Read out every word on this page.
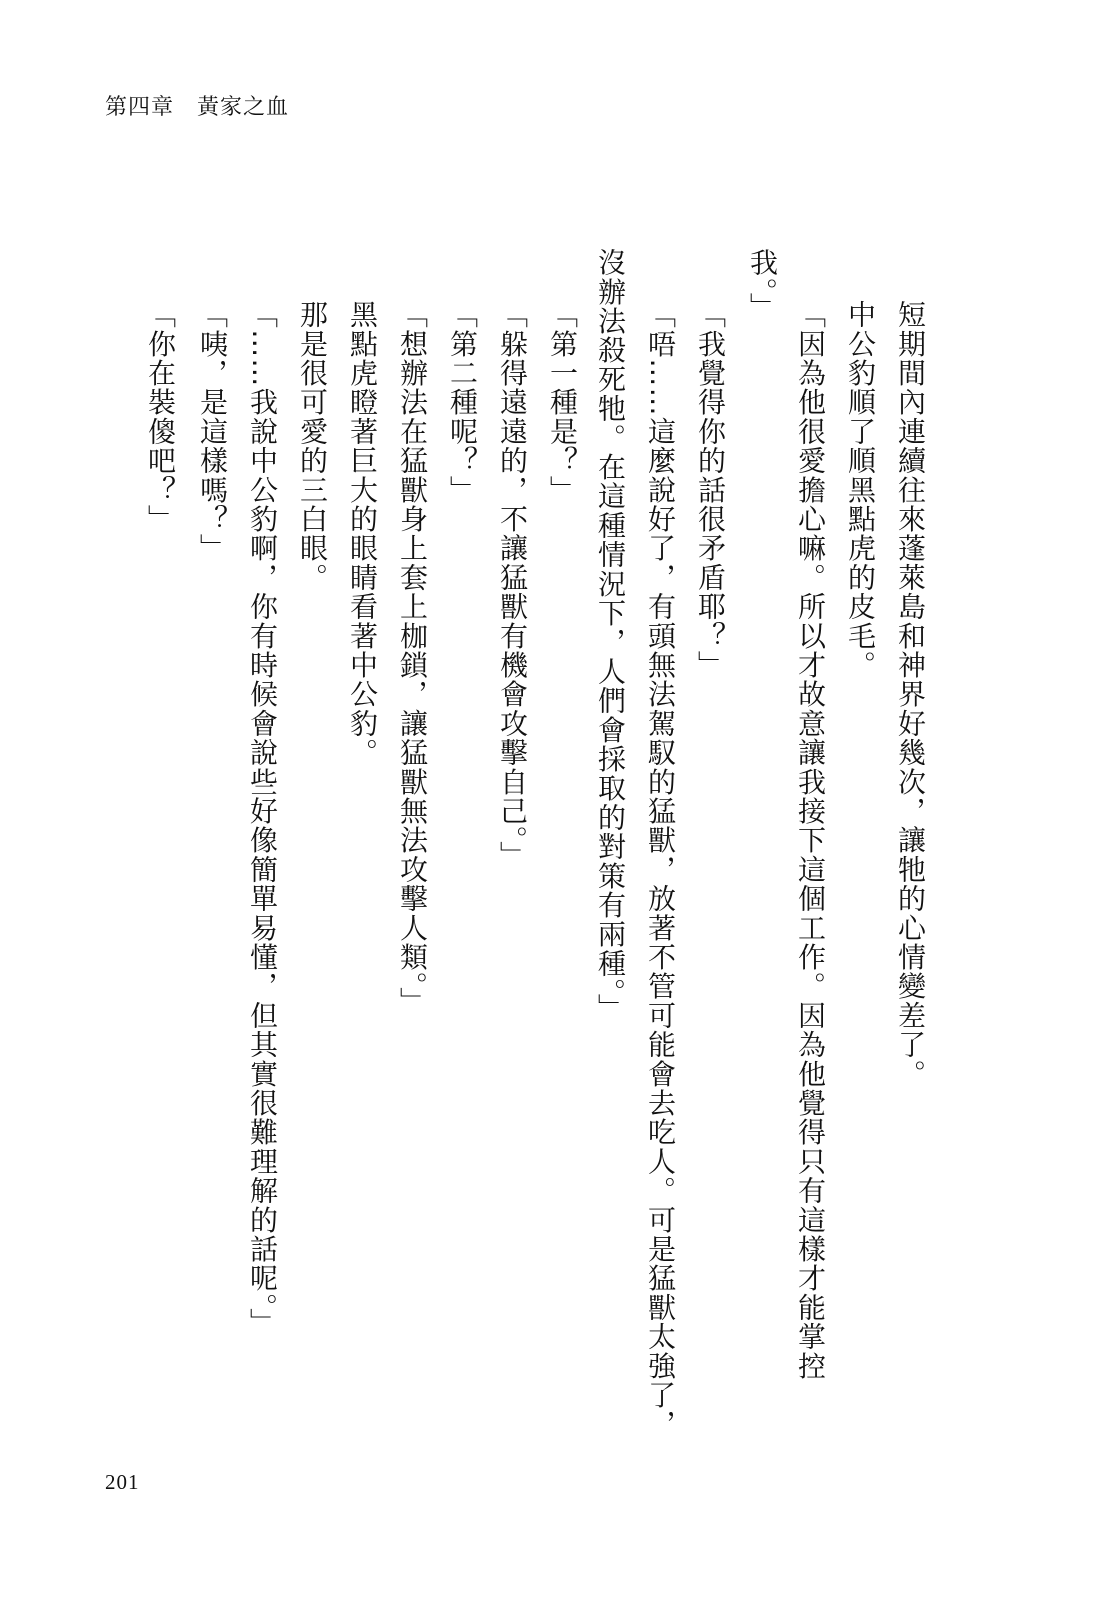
第四章　黃家之血
短期間內連續往來蓬萊島和神界好幾次，讓牠的心情變差了。
中公豹順了順黑點虎的皮毛。
「因為他很愛擔心嘛。所以才故意讓我接下這個工作。因為他覺得只有這樣才能掌控
我。」
「我覺得你的話很矛盾耶？」
「唔……這麼說好了，有頭無法駕馭的猛獸，放著不管可能會去吃人。可是猛獸太強了，
沒辦法殺死牠。在這種情況下，人們會採取的對策有兩種。」
「第一種是？」
「躲得遠遠的，不讓猛獸有機會攻擊自己。」
「第二種呢？」
「想辦法在猛獸身上套上枷鎖，讓猛獸無法攻擊人類。」
黑點虎瞪著巨大的眼睛看著中公豹。
那是很可愛的三白眼。
「……我說中公豹啊，你有時候會說些好像簡單易懂，但其實很難理解的話呢。」
「咦，是這樣嗎？」
「你在裝傻吧？」
201
